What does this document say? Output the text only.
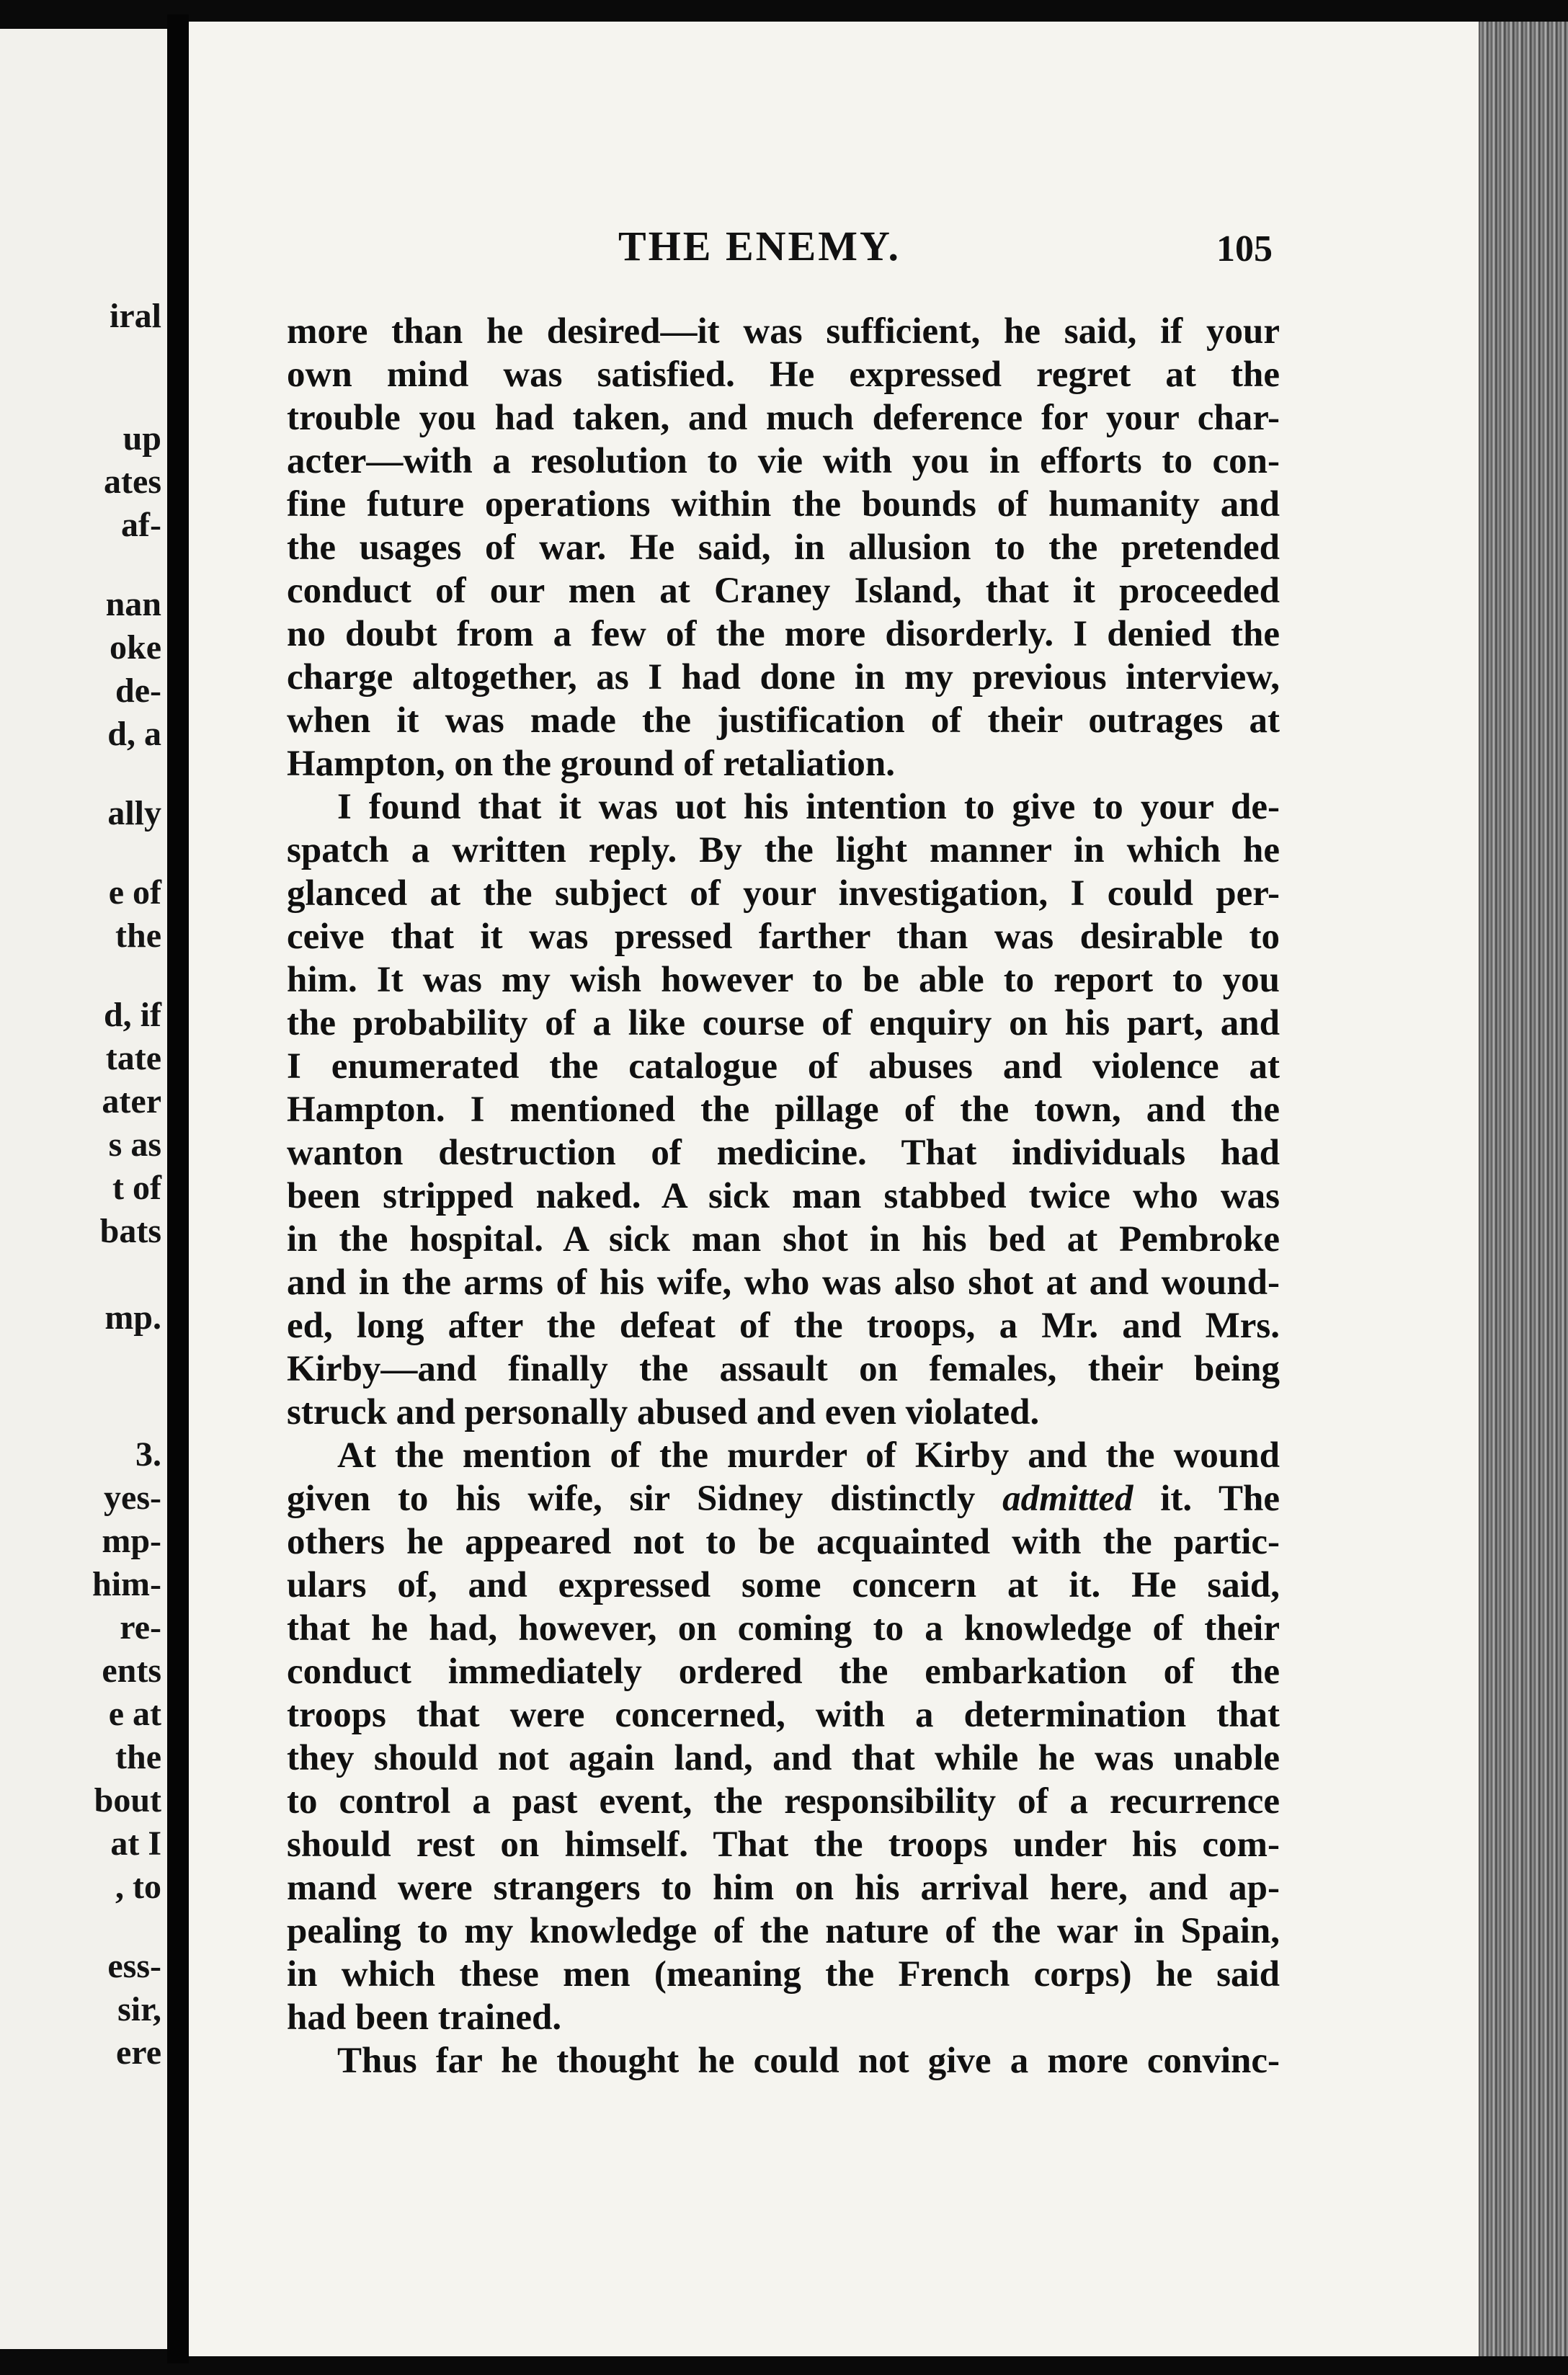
iral
up
ates
af-
nan
oke
de-
d, a
ally
e of
the
d, if
tate
ater
s as
t of
bats
mp.
3.
yes-
mp-
him-
re-
ents
e at
the
bout
at I
, to
ess-
sir,
ere
THE ENEMY.	105
more than he desired—it was sufficient, he said, if your
own mind was satisfied. He expressed regret at the
trouble you had taken, and much deference for your char-
acter—with a resolution to vie with you in efforts to con-
fine future operations within the bounds of humanity and
the usages of war. He said, in allusion to the pretended
conduct of our men at Craney Island, that it proceeded
no doubt from a few of the more disorderly. I denied the
charge altogether, as I had done in my previous interview,
when it was made the justification of their outrages at
Hampton, on the ground of retaliation.
I found that it was uot his intention to give to your de-
spatch a written reply. By the light manner in which he
glanced at the subject of your investigation, I could per-
ceive that it was pressed farther than was desirable to
him. It was my wish however to be able to report to you
the probability of a like course of enquiry on his part, and
I enumerated the catalogue of abuses and violence at
Hampton. I mentioned the pillage of the town, and the
wanton destruction of medicine. That individuals had
been stripped naked. A sick man stabbed twice who was
in the hospital. A sick man shot in his bed at Pembroke
and in the arms of his wife, who was also shot at and wound-
ed, long after the defeat of the troops, a Mr. and Mrs.
Kirby—and finally the assault on females, their being
struck and personally abused and even violated.
At the mention of the murder of Kirby and the wound
given to his wife, sir Sidney distinctly admitted it. The
others he appeared not to be acquainted with the partic-
ulars of, and expressed some concern at it. He said,
that he had, however, on coming to a knowledge of their
conduct immediately ordered the embarkation of the
troops that were concerned, with a determination that
they should not again land, and that while he was unable
to control a past event, the responsibility of a recurrence
should rest on himself. That the troops under his com-
mand were strangers to him on his arrival here, and ap-
pealing to my knowledge of the nature of the war in Spain,
in which these men (meaning the French corps) he said
had been trained.
Thus far he thought he could not give a more convinc-
